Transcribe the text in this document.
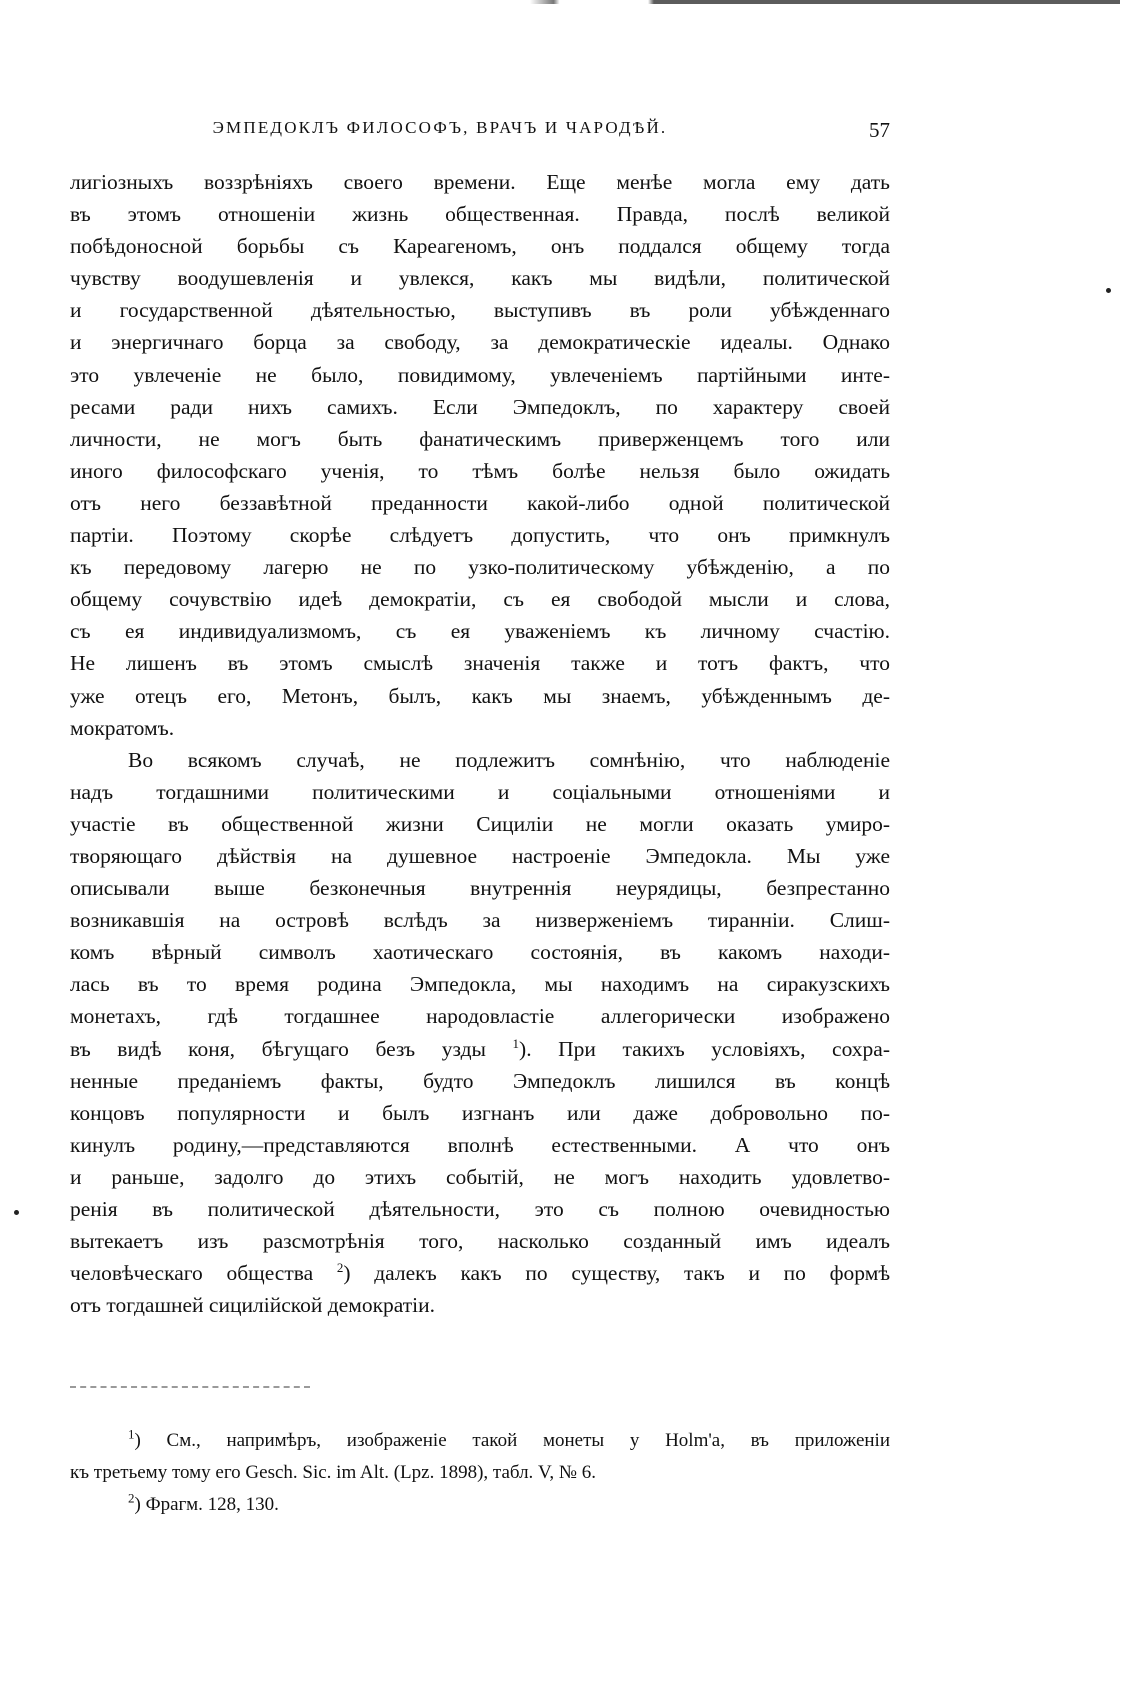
ЭМПЕДОКЛЪ ФИЛОСОФЪ, ВРАЧЪ И ЧАРОДѢЙ.	57
лигіозныхъ воззрѣніяхъ своего времени. Еще менѣе могла ему дать
въ этомъ отношеніи жизнь общественная. Правда, послѣ великой
побѣдоносной борьбы съ Кареагеномъ, онъ поддался общему тогда
чувству воодушевленія и увлекся, какъ мы видѣли, политической
и государственной дѣятельностью, выступивъ въ роли убѣжденнаго
и энергичнаго борца за свободу, за демократическіе идеалы. Однако
это увлеченіе не было, повидимому, увлеченіемъ партійными инте-
ресами ради нихъ самихъ. Если Эмпедоклъ, по характеру своей
личности, не могъ быть фанатическимъ приверженцемъ того или
иного философскаго ученія, то тѣмъ болѣе нельзя было ожидать
отъ него беззавѣтной преданности какой-либо одной политической
партіи. Поэтому скорѣе слѣдуетъ допустить, что онъ примкнулъ
къ передовому лагерю не по узко-политическому убѣжденію, а по
общему сочувствію идеѣ демократіи, съ ея свободой мысли и слова,
съ ея индивидуализмомъ, съ ея уваженіемъ къ личному счастію.
Не лишенъ въ этомъ смыслѣ значенія также и тотъ фактъ, что
уже отецъ его, Метонъ, былъ, какъ мы знаемъ, убѣжденнымъ де-
мократомъ.
Во всякомъ случаѣ, не подлежитъ сомнѣнію, что наблюденіе
надъ тогдашними политическими и соціальными отношеніями и
участіе въ общественной жизни Сициліи не могли оказать умиро-
творяющаго дѣйствія на душевное настроеніе Эмпедокла. Мы уже
описывали выше безконечныя внутреннія неурядицы, безпрестанно
возникавшія на островѣ вслѣдъ за низверженіемъ тиранніи. Слиш-
комъ вѣрный символъ хаотическаго состоянія, въ какомъ находи-
лась въ то время родина Эмпедокла, мы находимъ на сиракузскихъ
монетахъ, гдѣ тогдашнее народовластіе аллегорически изображено
въ видѣ коня, бѣгущаго безъ узды $^1$). При такихъ условіяхъ, сохра-
ненные преданіемъ факты, будто Эмпедоклъ лишился въ концѣ
концовъ популярности и былъ изгнанъ или даже добровольно по-
кинулъ родину,—представляются вполнѣ естественными. А что онъ
и раньше, задолго до этихъ событій, не могъ находить удовлетво-
ренія въ политической дѣятельности, это съ полною очевидностью
вытекаетъ изъ разсмотрѣнія того, насколько созданный имъ идеалъ
человѣческаго общества $^2$) далекъ какъ по существу, такъ и по формѣ
отъ тогдашней сицилійской демократіи.
$^1$) См., напримѣръ, изображеніе такой монеты у Holm'a, въ приложеніи
къ третьему тому его Gesch. Sic. im Alt. (Lpz. 1898), табл. V, № 6.
$^2$) Фрагм. 128, 130.
